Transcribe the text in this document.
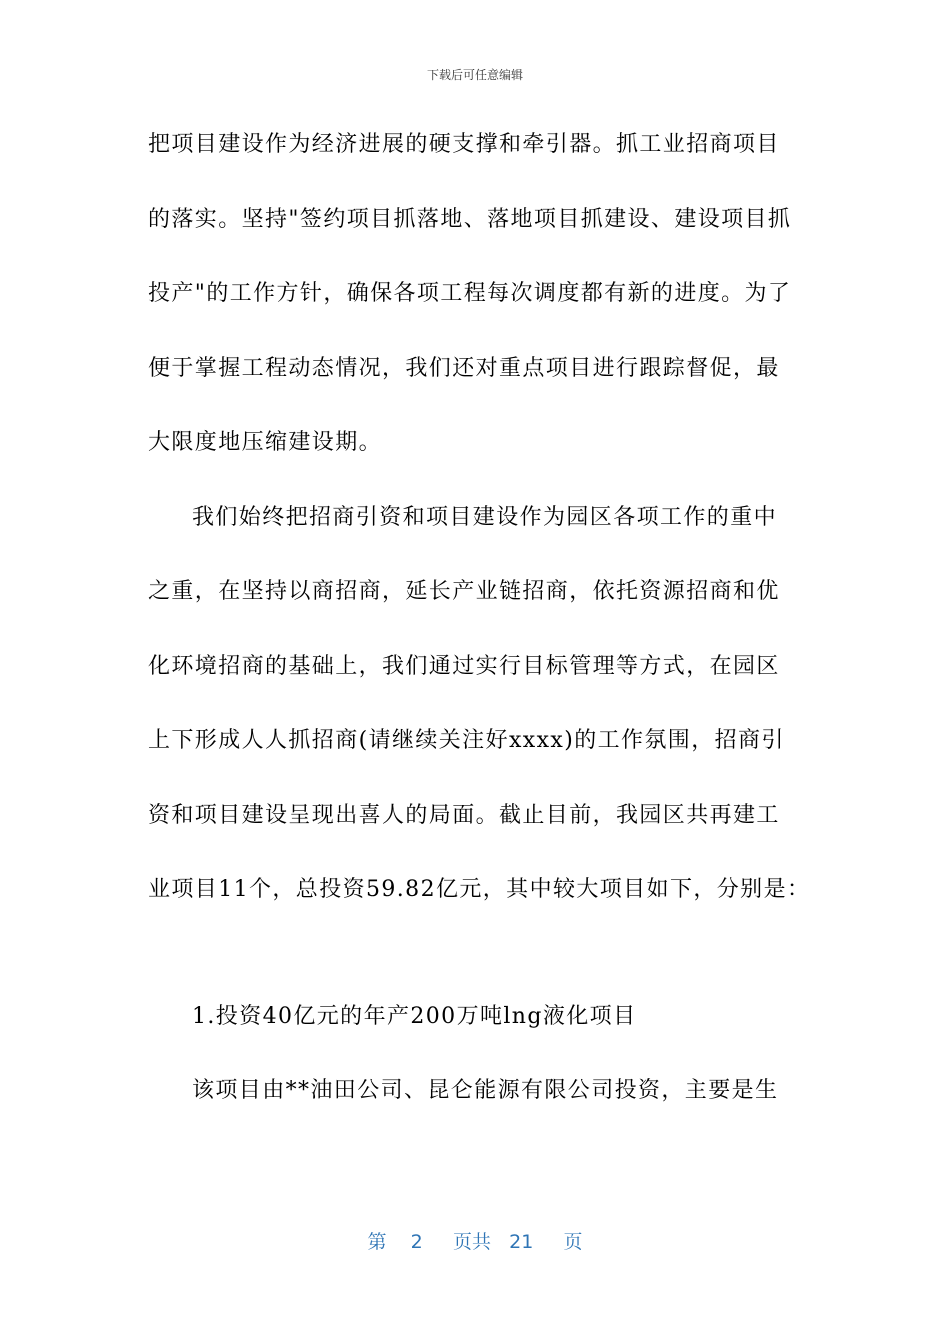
下载后可任意编辑
把项目建设作为经济进展的硬支撑和牵引器。抓工业招商项目
的落实。坚持"签约项目抓落地、落地项目抓建设、建设项目抓
投产"的工作方针，确保各项工程每次调度都有新的进度。为了
便于掌握工程动态情况，我们还对重点项目进行跟踪督促，最
大限度地压缩建设期。
我们始终把招商引资和项目建设作为园区各项工作的重中
之重，在坚持以商招商，延长产业链招商，依托资源招商和优
化环境招商的基础上，我们通过实行目标管理等方式，在园区
上下形成人人抓招商(请继续关注好xxxx)的工作氛围，招商引
资和项目建设呈现出喜人的局面。截止目前，我园区共再建工
业项目11个，总投资59.82亿元，其中较大项目如下，分别是：
1.投资40亿元的年产200万吨lng液化项目
该项目由**油田公司、昆仑能源有限公司投资，主要是生
第 2 页共 21 页
